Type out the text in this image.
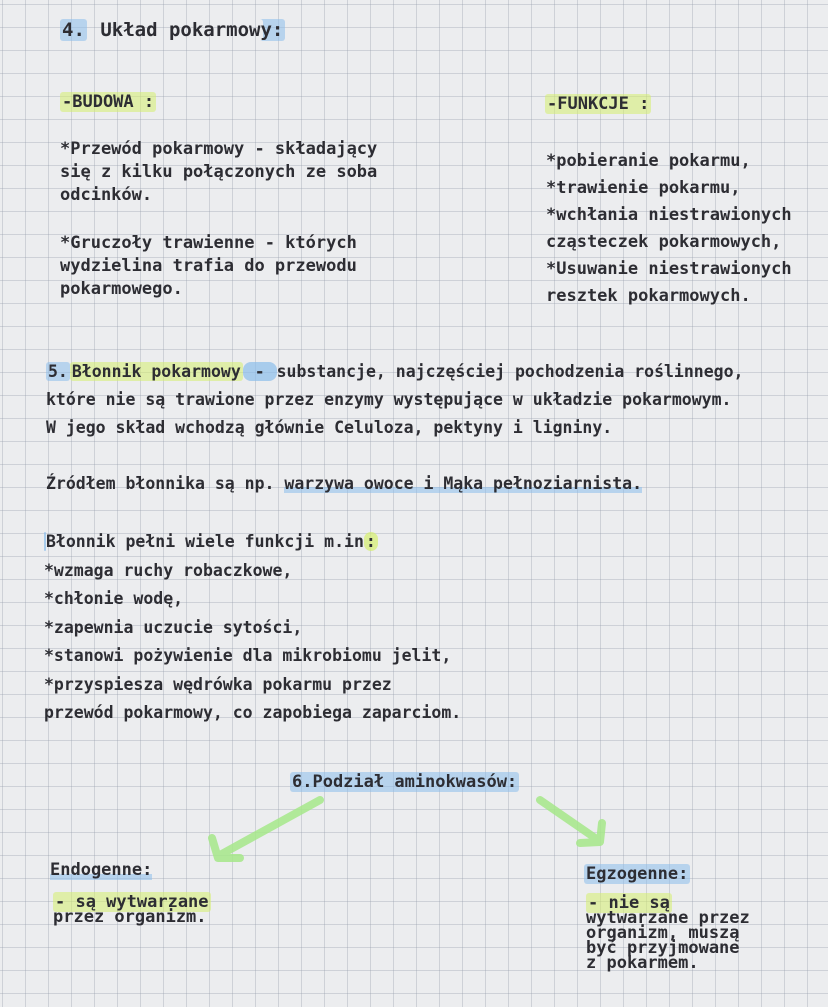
4. Układ pokarmowy:
-BUDOWA :
*Przewód pokarmowy - składający
się z kilku połączonych ze soba
odcinków.
*Gruczoły trawienne - których
wydzielina trafia do przewodu
pokarmowego.
-FUNKCJE :
*pobieranie pokarmu,
*trawienie pokarmu,
*wchłania niestrawionych
cząsteczek pokarmowych,
*Usuwanie niestrawionych
resztek pokarmowych.
5. Błonnik pokarmowy - substancje, najczęściej pochodzenia roślinnego,
które nie są trawione przez enzymy występujące w układzie pokarmowym.
W jego skład wchodzą głównie Celuloza, pektyny i ligniny.
Źródłem błonnika są np. warzywa owoce i Mąka pełnoziarnista.
Błonnik pełni wiele funkcji m.in :
*wzmaga ruchy robaczkowe,
*chłonie wodę,
*zapewnia uczucie sytości,
*stanowi pożywienie dla mikrobiomu jelit,
*przyspiesza wędrówka pokarmu przez
przewód pokarmowy, co zapobiega zaparciom.
6.Podział aminokwasów:
Endogenne:
- są wytwarzane
przez organizm.
Egzogenne:
- nie są
wytwarzane przez
organizm, muszą
być przyjmowane
z pokarmem.
